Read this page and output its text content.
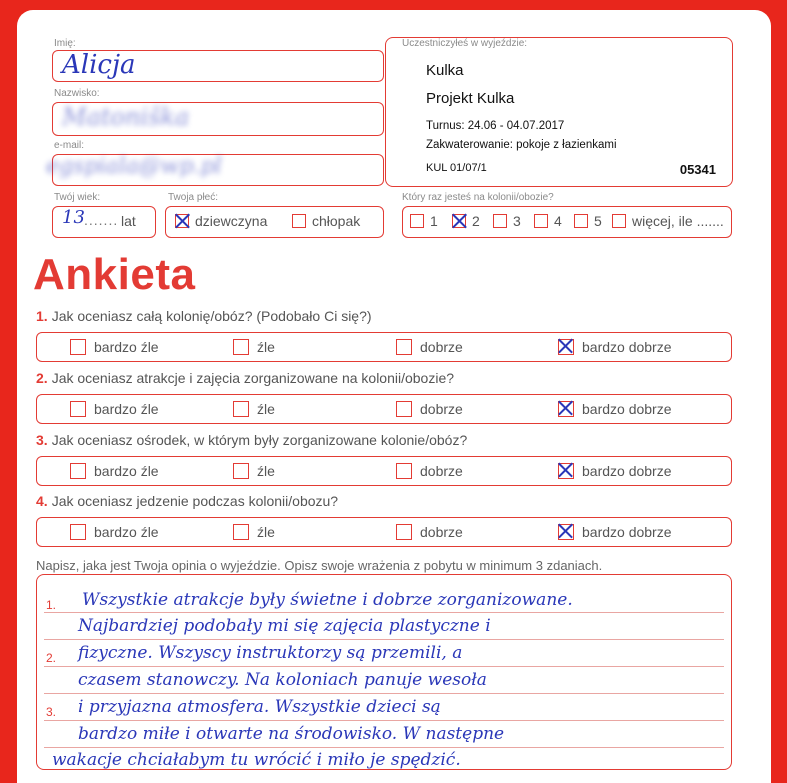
Imię:
Alicja
Nazwisko:
Matoniška
e-mail:
egspiala@wp.pl
Twój wiek:
13 ....... lat
Twoja płeć:
dziewczyna	chłopak
Uczestniczyłeś w wyjeździe:
Kulka
Projekt Kulka
Turnus: 24.06 - 04.07.2017
Zakwaterowanie: pokoje z łazienkami
KUL 01/07/1	05341
Który raz jesteś na kolonii/obozie?
1 2 3 4 5 więcej, ile .......
Ankieta
1. Jak oceniasz całą kolonię/obóz? (Podobało Ci się?)
bardzo źle	źle	dobrze	bardzo dobrze
2. Jak oceniasz atrakcje i zajęcia zorganizowane na kolonii/obozie?
bardzo źle	źle	dobrze	bardzo dobrze
3. Jak oceniasz ośrodek, w którym były zorganizowane kolonie/obóz?
bardzo źle	źle	dobrze	bardzo dobrze
4. Jak oceniasz jedzenie podczas kolonii/obozu?
bardzo źle	źle	dobrze	bardzo dobrze
Napisz, jaka jest Twoja opinia o wyjeździe. Opisz swoje wrażenia z pobytu w minimum 3 zdaniach.
1.
2.
3.
Wszystkie atrakcje były świetne i dobrze zorganizowane.
Najbardziej podobały mi się zajęcia plastyczne i
fizyczne. Wszyscy instruktorzy są przemili, a
czasem stanowczy. Na koloniach panuje wesoła
i przyjazna atmosfera. Wszystkie dzieci są
bardzo miłe i otwarte na środowisko. W następne
wakacje chciałabym tu wrócić i miło je spędzić.
